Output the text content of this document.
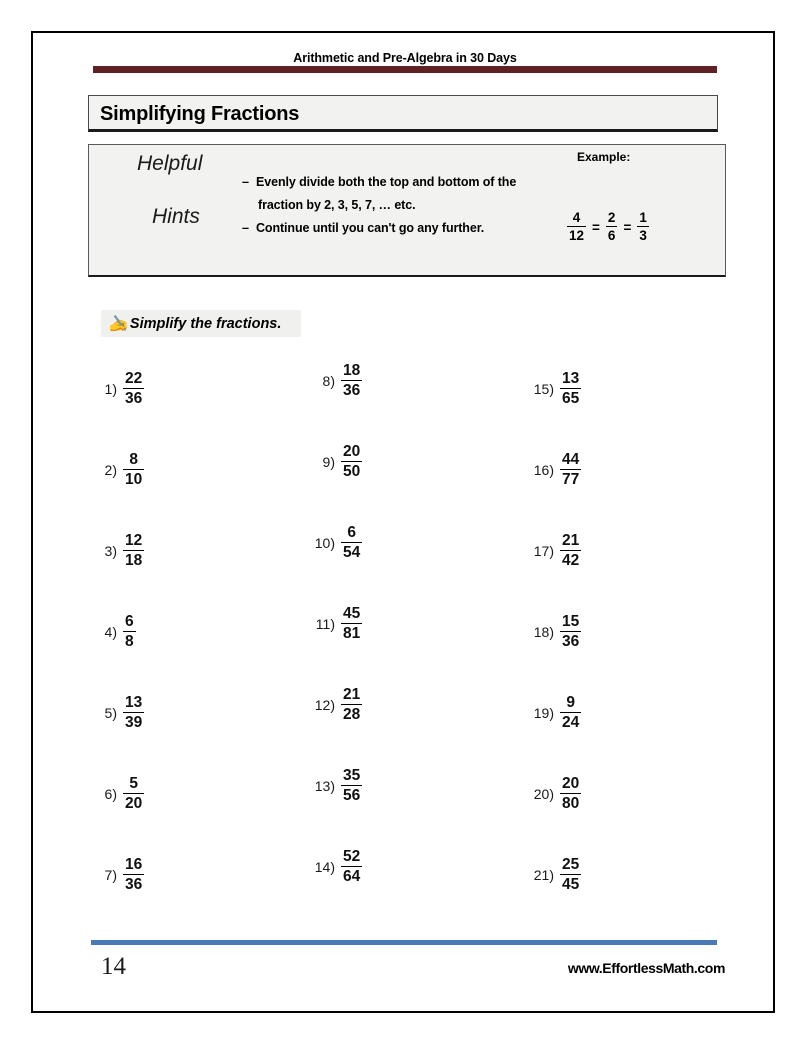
Arithmetic and Pre-Algebra in 30 Days
Simplifying Fractions
Helpful
Hints
– Evenly divide both the top and bottom of the
fraction by 2, 3, 5, 7, … etc.
– Continue until you can't go any further.
Example:
$\frac{4}{12} = \frac{2}{6} = \frac{1}{3}$
✍Simplify the fractions.
$1) \frac{22}{36}$
$2) \frac{8}{10}$
$3) \frac{12}{18}$
$4) \frac{6}{8}$
$5) \frac{13}{39}$
$6) \frac{5}{20}$
$7) \frac{16}{36}$
$8) \frac{18}{36}$
$9) \frac{20}{50}$
$10) \frac{6}{54}$
$11) \frac{45}{81}$
$12) \frac{21}{28}$
$13) \frac{35}{56}$
$14) \frac{52}{64}$
$15) \frac{13}{65}$
$16) \frac{44}{77}$
$17) \frac{21}{42}$
$18) \frac{15}{36}$
$19) \frac{9}{24}$
$20) \frac{20}{80}$
$21) \frac{25}{45}$
14	www.EffortlessMath.com
